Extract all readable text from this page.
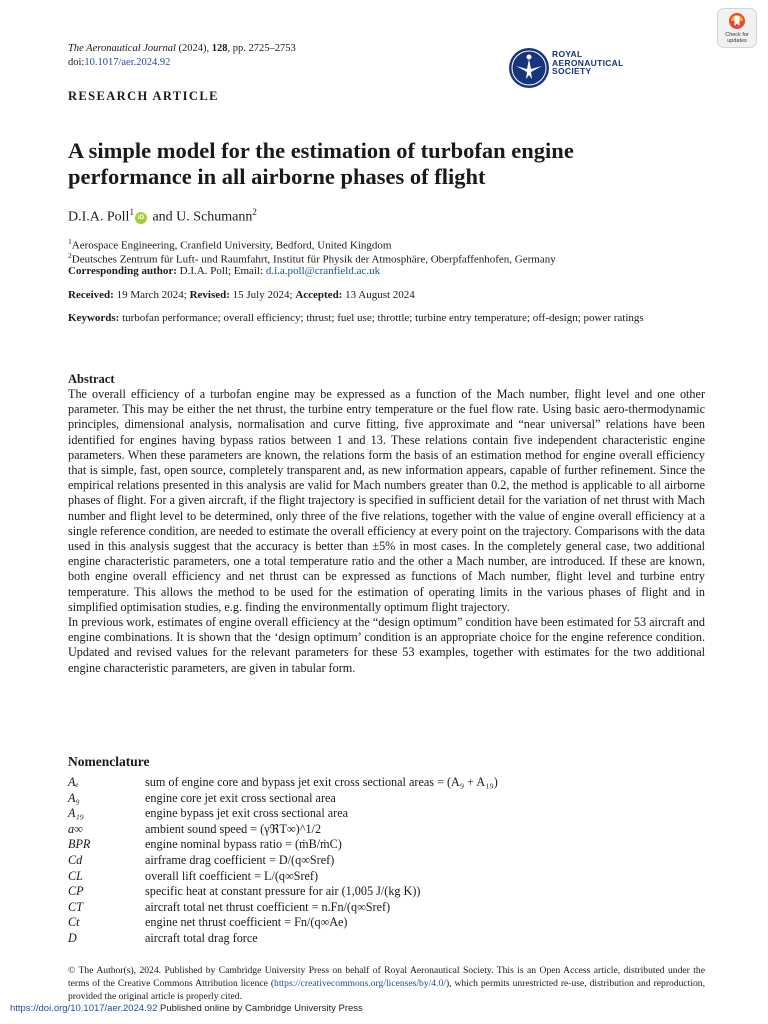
The Aeronautical Journal (2024), 128, pp. 2725–2753
doi:10.1017/aer.2024.92
Check for updates
ROYAL AERONAUTICAL SOCIETY
RESEARCH ARTICLE
A simple model for the estimation of turbofan engine performance in all airborne phases of flight
D.I.A. Poll$^1$iD and U. Schumann$^2$
$^1$Aerospace Engineering, Cranfield University, Bedford, United Kingdom
$^2$Deutsches Zentrum für Luft- und Raumfahrt, Institut für Physik der Atmosphäre, Oberpfaffenhofen, Germany
Corresponding author: D.I.A. Poll; Email: d.i.a.poll@cranfield.ac.uk
Received: 19 March 2024; Revised: 15 July 2024; Accepted: 13 August 2024
Keywords: turbofan performance; overall efficiency; thrust; fuel use; throttle; turbine entry temperature; off-design; power ratings
Abstract

The overall efficiency of a turbofan engine may be expressed as a function of the Mach number, flight level and one other parameter. This may be either the net thrust, the turbine entry temperature or the fuel flow rate. Using basic aero-thermodynamic principles, dimensional analysis, normalisation and curve fitting, five approximate and “near universal” relations have been identified for engines having bypass ratios between 1 and 13. These relations contain five independent characteristic engine parameters. When these parameters are known, the relations form the basis of an estimation method for engine overall efficiency that is simple, fast, open source, completely transparent and, as new information appears, capable of further refinement. Since the empirical relations presented in this analysis are valid for Mach numbers greater than 0.2, the method is applicable to all airborne phases of flight. For a given aircraft, if the flight trajectory is specified in sufficient detail for the variation of net thrust with Mach number and flight level to be determined, only three of the five relations, together with the value of engine overall efficiency at a single reference condition, are needed to estimate the overall efficiency at every point on the trajectory. Comparisons with the data used in this analysis suggest that the accuracy is better than ±5% in most cases. In the completely general case, two additional engine characteristic parameters, one a total temperature ratio and the other a Mach number, are introduced. If these are known, both engine overall efficiency and net thrust can be expressed as functions of Mach number, flight level and turbine entry temperature. This allows the method to be used for the estimation of operating limits in the various phases of flight and in simplified optimisation studies, e.g. finding the environmentally optimum flight trajectory.

In previous work, estimates of engine overall efficiency at the “design optimum” condition have been estimated for 53 aircraft and engine combinations. It is shown that the ‘design optimum’ condition is an appropriate choice for the engine reference condition. Updated and revised values for the relevant parameters for these 53 examples, together with estimates for the two additional engine characteristic parameters, are given in tabular form.

Nomenclature
Aₑ	sum of engine core and bypass jet exit cross sectional areas = (A₉ + A₁₉)
A₉	engine core jet exit cross sectional area
A₁₉	engine bypass jet exit cross sectional area
a∞	ambient sound speed = (γℜT∞)^1/2
BPR	engine nominal bypass ratio = (ṁB/ṁC)
Cd	airframe drag coefficient = D/(q∞Sref)
CL	overall lift coefficient = L/(q∞Sref)
CP	specific heat at constant pressure for air (1,005 J/(kg K))
CT	aircraft total net thrust coefficient = n.Fn/(q∞Sref)
Ct	engine net thrust coefficient = Fn/(q∞Ae)
D	aircraft total drag force
© The Author(s), 2024. Published by Cambridge University Press on behalf of Royal Aeronautical Society. This is an Open Access article, distributed under the terms of the Creative Commons Attribution licence (https://creativecommons.org/licenses/by/4.0/), which permits unrestricted re-use, distribution and reproduction, provided the original article is properly cited.
https://doi.org/10.1017/aer.2024.92 Published online by Cambridge University Press
